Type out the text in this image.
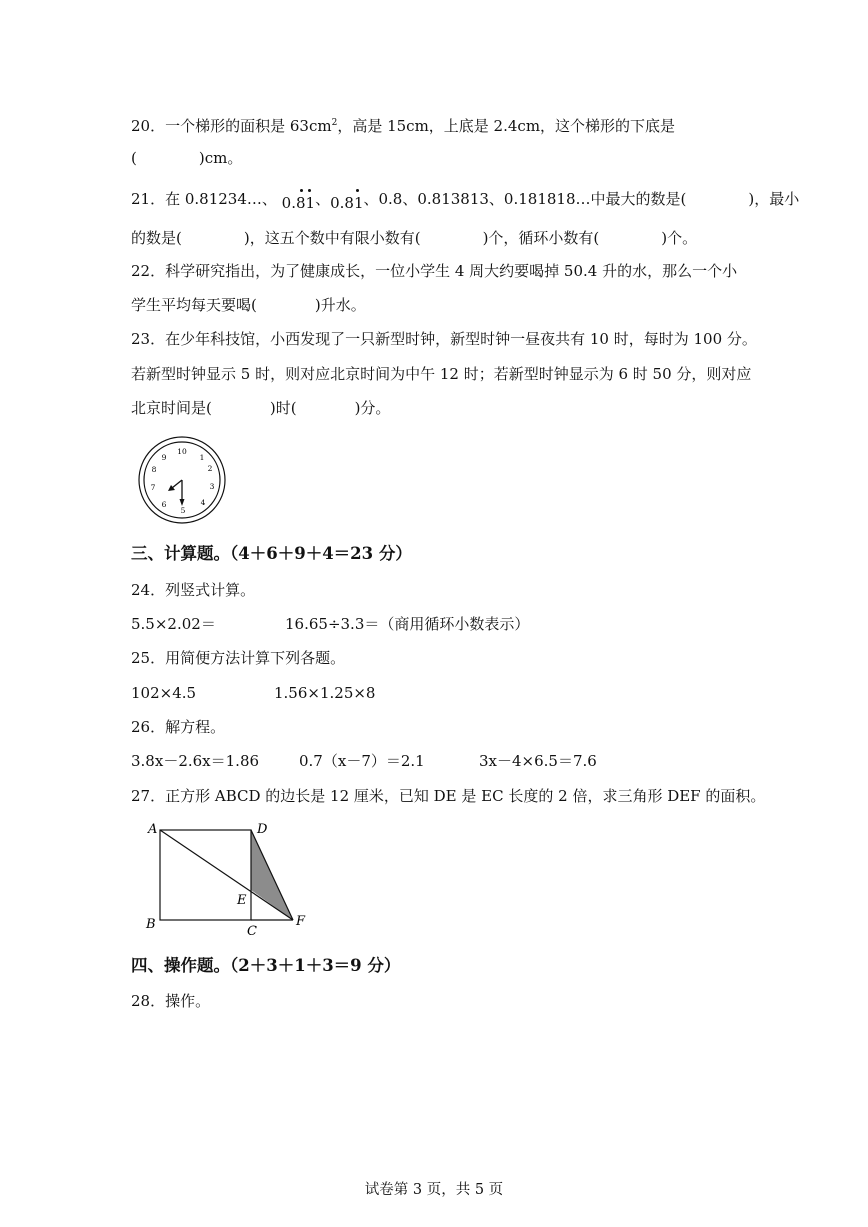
20．一个梯形的面积是 $63cm^2$，高是 15cm，上底是 2.4cm，这个梯形的下底是
(	)cm。
21．在 0.81234…、 0.81
、0.81
、0.8、0.813813、0.181818…中最大的数是(	)，最小
的数是(	)，这五个数中有限小数有(	)个，循环小数有(	)个。
22．科学研究指出，为了健康成长，一位小学生 4 周大约要喝掉 50.4 升的水，那么一个小
学生平均每天要喝(	)升水。
23．在少年科技馆，小西发现了一只新型时钟，新型时钟一昼夜共有 10 时，每时为 100 分。
若新型时钟显示 5 时，则对应北京时间为中午 12 时；若新型时钟显示为 6 时 50 分，则对应
北京时间是(	)时(	)分。
10
1
2
3
4
5
6
7
8
9
三、计算题。（4＋6＋9＋4＝23 分）
24．列竖式计算。
5.5×2.02＝	16.65÷3.3＝（商用循环小数表示）
25．用简便方法计算下列各题。
102×4.5	1.56×1.25×8
26．解方程。
3.8x－2.6x＝1.86	0.7（x－7）＝2.1	3x－4×6.5＝7.6
27．正方形 ABCD 的边长是 12 厘米，已知 DE 是 EC 长度的 2 倍，求三角形 DEF 的面积。
A	D
B	C
E
F
四、操作题。（2＋3＋1＋3＝9 分）
28．操作。
试卷第 3 页，共 5 页
